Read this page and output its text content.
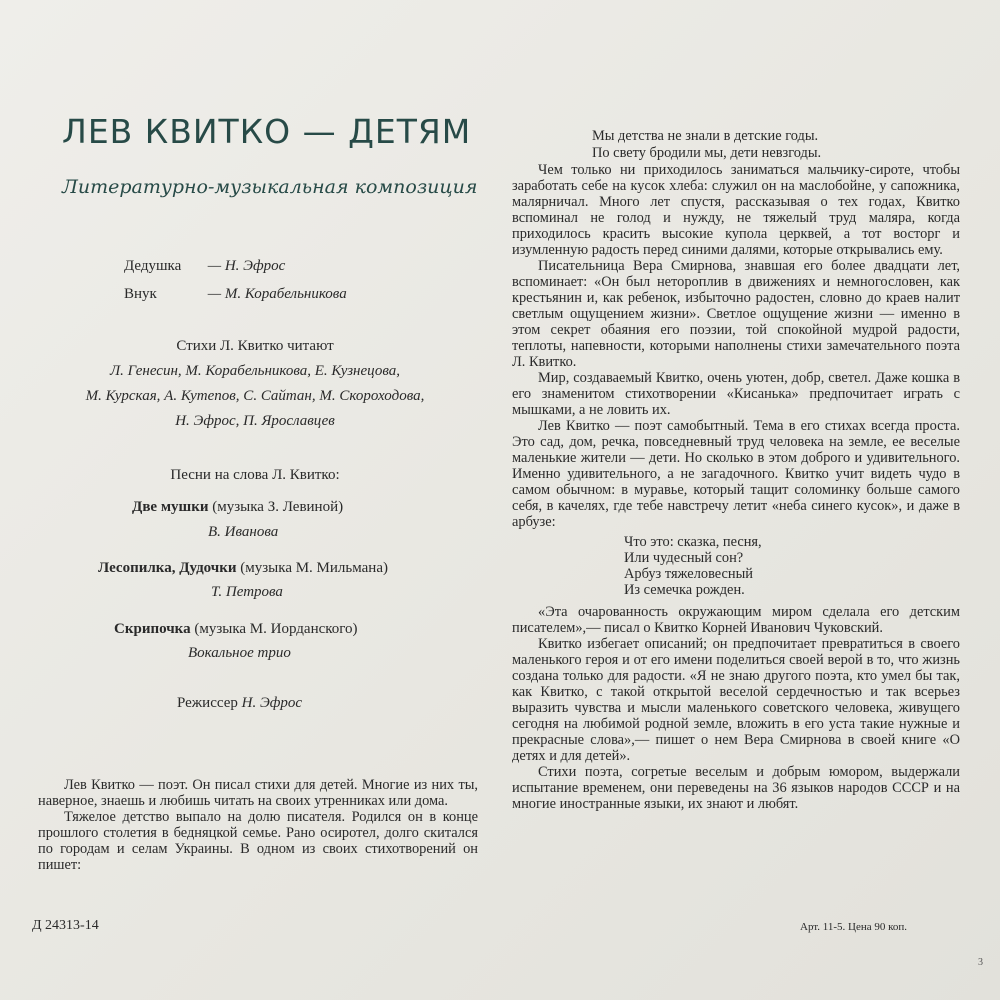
ЛЕВ КВИТКО — ДЕТЯМ
Литературно-музыкальная композиция
Дедушка — Н. Эфрос
Внук	— М. Корабельникова
Стихи Л. Квитко читают
Л. Генесин, М. Корабельникова, Е. Кузнецова,
М. Курская, А. Кутепов, С. Сайтан, М. Скороходова,
Н. Эфрос, П. Ярославцев
Песни на слова Л. Квитко:
Две мушки (музыка З. Левиной)
В. Иванова
Лесопилка, Дудочки (музыка М. Мильмана)
Т. Петрова
Скрипочка (музыка М. Иорданского)
Вокальное трио
Режиссер Н. Эфрос

Лев Квитко — поэт. Он писал стихи для детей. Многие из них ты, наверное, знаешь и любишь читать на своих утренниках или дома.

Тяжелое детство выпало на долю писателя. Родился он в конце прошлого столетия в бедняцкой семье. Рано осиротел, долго скитался по городам и селам Украины. В одном из своих стихотворений он пишет:

Мы детства не знали в детские годы.
По свету бродили мы, дети невзгоды.

Чем только ни приходилось заниматься мальчику-сироте, чтобы заработать себе на кусок хлеба: служил он на маслобойне, у сапожника, малярничал. Много лет спустя, рассказывая о тех годах, Квитко вспоминал не голод и нужду, не тяжелый труд маляра, когда приходилось красить высокие купола церквей, а тот восторг и изумленную радость перед синими далями, которые открывались ему.

Писательница Вера Смирнова, знавшая его более двадцати лет, вспоминает: «Он был нетороплив в движениях и немногословен, как крестьянин и, как ребенок, избыточно радостен, словно до краев налит светлым ощущением жизни». Светлое ощущение жизни — именно в этом секрет обаяния его поэзии, той спокойной мудрой радости, теплоты, напевности, которыми наполнены стихи замечательного поэта Л. Квитко.

Мир, создаваемый Квитко, очень уютен, добр, светел. Даже кошка в его знаменитом стихотворении «Кисанька» предпочитает играть с мышками, а не ловить их.

Лев Квитко — поэт самобытный. Тема в его стихах всегда проста. Это сад, дом, речка, повседневный труд человека на земле, ее веселые маленькие жители — дети. Но сколько в этом доброго и удивительного. Именно удивительного, а не загадочного. Квитко учит видеть чудо в самом обычном: в муравье, который тащит соломинку больше самого себя, в качелях, где тебе навстречу летит «неба синего кусок», и даже в арбузе:

Что это: сказка, песня,
Или чудесный сон?
Арбуз тяжеловесный
Из семечка рожден.

«Эта очарованность окружающим миром сделала его детским писателем»,— писал о Квитко Корней Иванович Чуковский.

Квитко избегает описаний; он предпочитает превратиться в своего маленького героя и от его имени поделиться своей верой в то, что жизнь создана только для радости. «Я не знаю другого поэта, кто умел бы так, как Квитко, с такой открытой веселой сердечностью и так всерьез выразить чувства и мысли маленького советского человека, живущего сегодня на любимой родной земле, вложить в его уста такие нужные и прекрасные слова»,— пишет о нем Вера Смирнова в своей книге «О детях и для детей».

Стихи поэта, согретые веселым и добрым юмором, выдержали испытание временем, они переведены на 36 языков народов СССР и на многие иностранные языки, их знают и любят.

Д 24313-14	Арт. 11-5. Цена 90 коп.
3
